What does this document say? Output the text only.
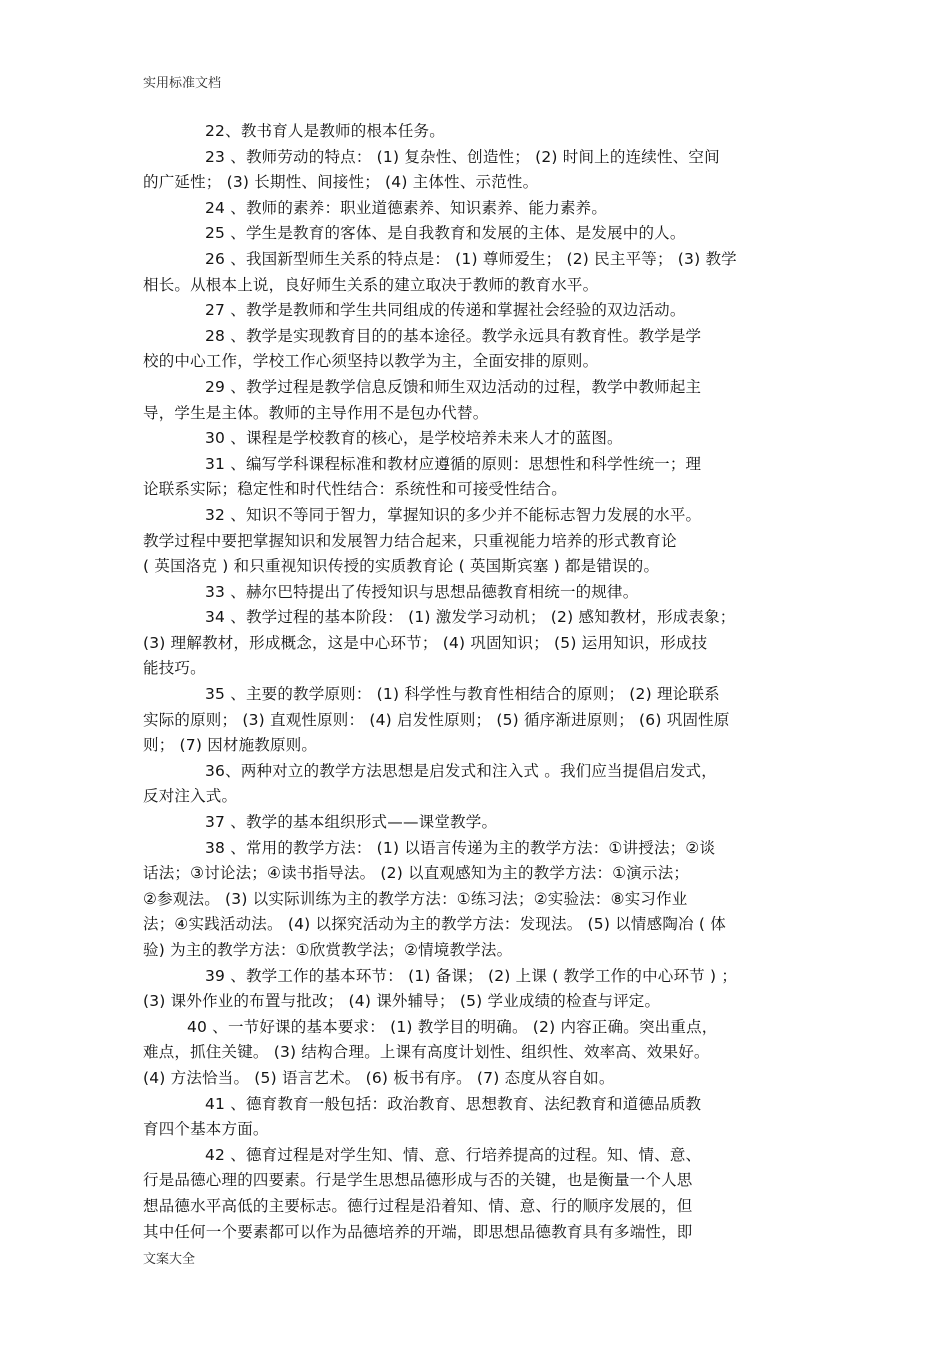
实用标准文档
22、教书育人是教师的根本任务。
23 、教师劳动的特点： (1) 复杂性、创造性； (2) 时间上的连续性、空间
的广延性； (3) 长期性、间接性； (4) 主体性、示范性。
24 、教师的素养：职业道德素养、知识素养、能力素养。
25 、学生是教育的客体、是自我教育和发展的主体、是发展中的人。
26 、我国新型师生关系的特点是： (1) 尊师爱生； (2) 民主平等； (3) 教学
相长。从根本上说，良好师生关系的建立取决于教师的教育水平。
27 、教学是教师和学生共同组成的传递和掌握社会经验的双边活动。
28 、教学是实现教育目的的基本途径。教学永远具有教育性。教学是学
校的中心工作，学校工作心须坚持以教学为主，全面安排的原则。
29 、教学过程是教学信息反馈和师生双边活动的过程，教学中教师起主
导，学生是主体。教师的主导作用不是包办代替。
30 、课程是学校教育的核心，是学校培养未来人才的蓝图。
31 、编写学科课程标准和教材应遵循的原则：思想性和科学性统一；理
论联系实际；稳定性和时代性结合：系统性和可接受性结合。
32 、知识不等同于智力，掌握知识的多少并不能标志智力发展的水平。
教学过程中要把掌握知识和发展智力结合起来，只重视能力培养的形式教育论
( 英国洛克 ) 和只重视知识传授的实质教育论 ( 英国斯宾塞 ) 都是错误的。
33 、赫尔巴特提出了传授知识与思想品德教育相统一的规律。
34 、教学过程的基本阶段： (1) 激发学习动机； (2) 感知教材，形成表象；
(3) 理解教材，形成概念，这是中心环节； (4) 巩固知识； (5) 运用知识，形成技
能技巧。
35 、主要的教学原则： (1) 科学性与教育性相结合的原则； (2) 理论联系
实际的原则； (3) 直观性原则： (4) 启发性原则； (5) 循序渐进原则； (6) 巩固性原
则； (7) 因材施教原则。
36、两种对立的教学方法思想是启发式和注入式 。我们应当提倡启发式，
反对注入式。
37 、教学的基本组织形式——课堂教学。
38 、常用的教学方法： (1) 以语言传递为主的教学方法：①讲授法；②谈
话法；③讨论法；④读书指导法。 (2) 以直观感知为主的教学方法：①演示法；
②参观法。 (3) 以实际训练为主的教学方法：①练习法；②实验法：⑧实习作业
法；④实践活动法。 (4) 以探究活动为主的教学方法：发现法。 (5) 以情感陶冶 ( 体
验) 为主的教学方法：①欣赏教学法；②情境教学法。
39 、教学工作的基本环节： (1) 备课； (2) 上课 ( 教学工作的中心环节 ) ；
(3) 课外作业的布置与批改； (4) 课外辅导； (5) 学业成绩的检查与评定。
40 、一节好课的基本要求： (1) 教学目的明确。 (2) 内容正确。突出重点，
难点，抓住关键。 (3) 结构合理。上课有高度计划性、组织性、效率高、效果好。
(4) 方法恰当。 (5) 语言艺术。 (6) 板书有序。 (7) 态度从容自如。
41 、德育教育一般包括：政治教育、思想教育、法纪教育和道德品质教
育四个基本方面。
42 、德育过程是对学生知、情、意、行培养提高的过程。知、情、意、
行是品德心理的四要素。行是学生思想品德形成与否的关键，也是衡量一个人思
想品德水平高低的主要标志。德行过程是沿着知、情、意、行的顺序发展的，但
其中任何一个要素都可以作为品德培养的开端，即思想品德教育具有多端性，即
文案大全
